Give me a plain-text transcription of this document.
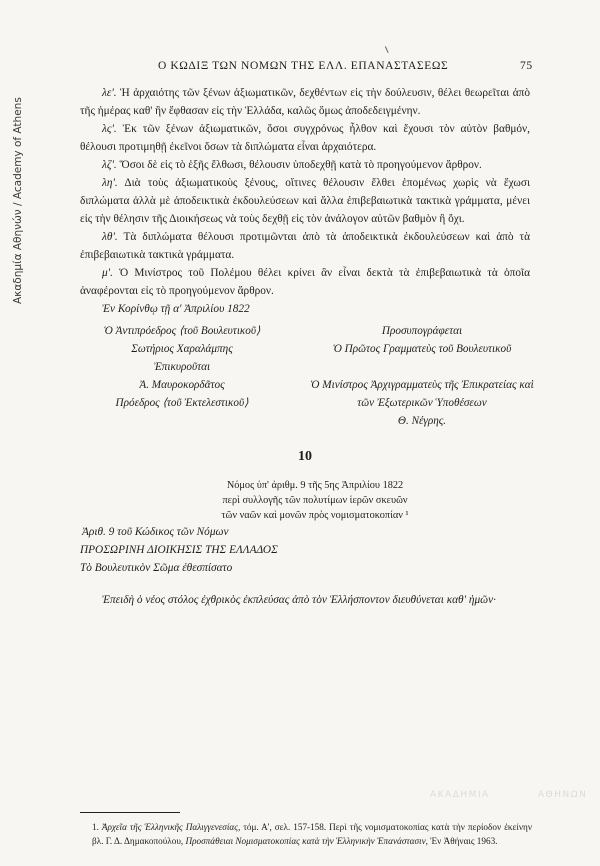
Ακαδημία Αθηνών / Academy of Athens
Ο ΚΩΔΙΞ ΤΩΝ ΝΟΜΩΝ ΤΗΣ ΕΛΛ. ΕΠΑΝΑΣΤΑΣΕΩΣ	75

λε'. Ἡ ἀρχαιότης τῶν ξένων ἀξιωματικῶν, δεχθέντων εἰς τὴν δούλευσιν, θέλει θεωρεῖται ἀπὸ τῆς ἡμέρας καθ' ἣν ἔφθασαν εἰς τὴν Ἑλλάδα, καλῶς ὅμως ἀποδεδειγμένην.

λς'. Ἐκ τῶν ξένων ἀξιωματικῶν, ὅσοι συγχρόνως ἦλθον καὶ ἔχουσι τὸν αὐτὸν βαθμόν, θέλουσι προτιμηθῇ ἐκεῖνοι ὅσων τὰ διπλώματα εἶναι ἀρχαιότερα.

λζ'. Ὅσοι δὲ εἰς τὸ ἑξῆς ἔλθωσι, θέλουσιν ὑποδεχθῇ κατὰ τὸ προηγούμενον ἄρθρον.

λη'. Διὰ τοὺς ἀξιωματικοὺς ξένους, οἵτινες θέλουσιν ἔλθει ἑπομένως χωρὶς νὰ ἔχωσι διπλώματα ἀλλὰ μὲ ἀποδεικτικὰ ἐκδουλεύσεων καὶ ἄλλα ἐπιβεβαιωτικὰ τακτικὰ γράμματα, μένει εἰς τὴν θέλησιν τῆς Διοικήσεως νὰ τοὺς δεχθῇ εἰς τὸν ἀνάλογον αὐτῶν βαθμὸν ἢ ὄχι.

λθ'. Τὰ διπλώματα θέλουσι προτιμῶνται ἀπὸ τὰ ἀποδεικτικὰ ἐκδουλεύσεων καὶ ἀπὸ τὰ ἐπιβεβαιωτικὰ τακτικὰ γράμματα.

μ'. Ὁ Μινίστρος τοῦ Πολέμου θέλει κρίνει ἂν εἶναι δεκτὰ τὰ ἐπιβεβαιωτικὰ τὰ ὁποῖα ἀναφέρονται εἰς τὸ προηγούμενον ἄρθρον.

Ἐν Κορίνθῳ τῇ α' Ἀπριλίου 1822

Ὁ Ἀντιπρόεδρος ⟨τοῦ Βουλευτικοῦ⟩
Σωτήριος Χαραλάμπης
Ἐπικυροῦται
Ἀ. Μαυροκορδᾶτος
Πρόεδρος ⟨τοῦ Ἐκτελεστικοῦ⟩
Προσυπογράφεται
Ὁ Πρῶτος Γραμματεὺς τοῦ Βουλευτικοῦ
Ὁ Μινίστρος Ἀρχιγραμματεὺς τῆς Ἐπικρατείας καὶ τῶν Ἐξωτερικῶν Ὑποθέσεων
Θ. Νέγρης.
10
Νόμος ὑπ' ἀριθμ. 9 τῆς 5ης Ἀπριλίου 1822
περὶ συλλογῆς τῶν πολυτίμων ἱερῶν σκευῶν
τῶν ναῶν καὶ μονῶν πρὸς νομισματοκοπίαν ¹

Ἀριθ. 9 τοῦ Κώδικος τῶν Νόμων

ΠΡΟΣΩΡΙΝΗ ΔΙΟΙΚΗΣΙΣ ΤΗΣ ΕΛΛΑΔΟΣ

Τὸ Βουλευτικὸν Σῶμα ἐθεσπίσατο

Ἐπειδὴ ὁ νέος στόλος ἐχθρικὸς ἐκπλεύσας ἀπὸ τὸν Ἑλλήσποντον διευθύνεται καθ' ἡμῶν·

1. Ἀρχεῖα τῆς Ἑλληνικῆς Παλιγγενεσίας, τόμ. Α', σελ. 157-158. Περὶ τῆς νομισματοκοπίας κατὰ τὴν περίοδον ἐκείνην βλ. Γ. Δ. Δημακοπούλου, Προσπάθειαι Νομισματοκοπίας κατὰ τὴν Ἑλληνικὴν Ἐπανάστασιν, Ἐν Ἀθήναις 1963.
ΑΚΑΔΗΜΙΑ	ΑΘΗΝΩΝ
